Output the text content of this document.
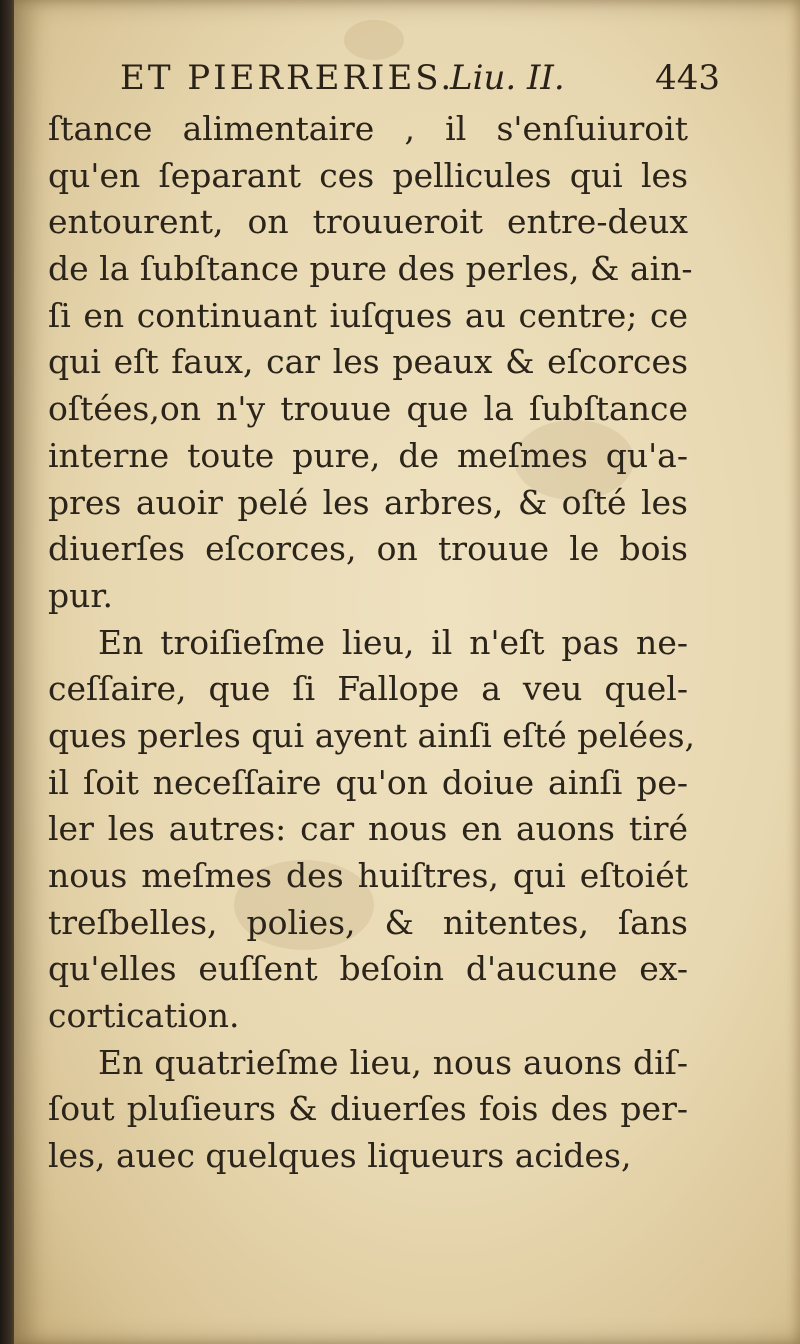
ET PIERRERIES.
Liu. II.	443
ſtance alimentaire , il s'enſuiuroit
qu'en ſeparant ces pellicules qui les
entourent, on trouueroit entre-deux
de la ſubſtance pure des perles, & ain-
ſi en continuant iuſques au centre; ce
qui eſt faux, car les peaux & eſcorces
oſtées,on n'y trouue que la ſubſtance
interne toute pure, de meſmes qu'a-
pres auoir pelé les arbres, & oſté les
diuerſes eſcorces, on trouue le bois
pur.
En troiſieſme lieu, il n'eſt pas ne-
ceſſaire, que ſi Fallope a veu quel-
ques perles qui ayent ainſi eſté pelées,
il ſoit neceſſaire qu'on doiue ainſi pe-
ler les autres: car nous en auons tiré
nous meſmes des huiſtres, qui eſtoiét
treſbelles, polies, & nitentes, ſans
qu'elles euſſent beſoin d'aucune ex-
cortication.
En quatrieſme lieu, nous auons diſ-
ſout pluſieurs & diuerſes fois des per-
les, auec quelques liqueurs acides,
